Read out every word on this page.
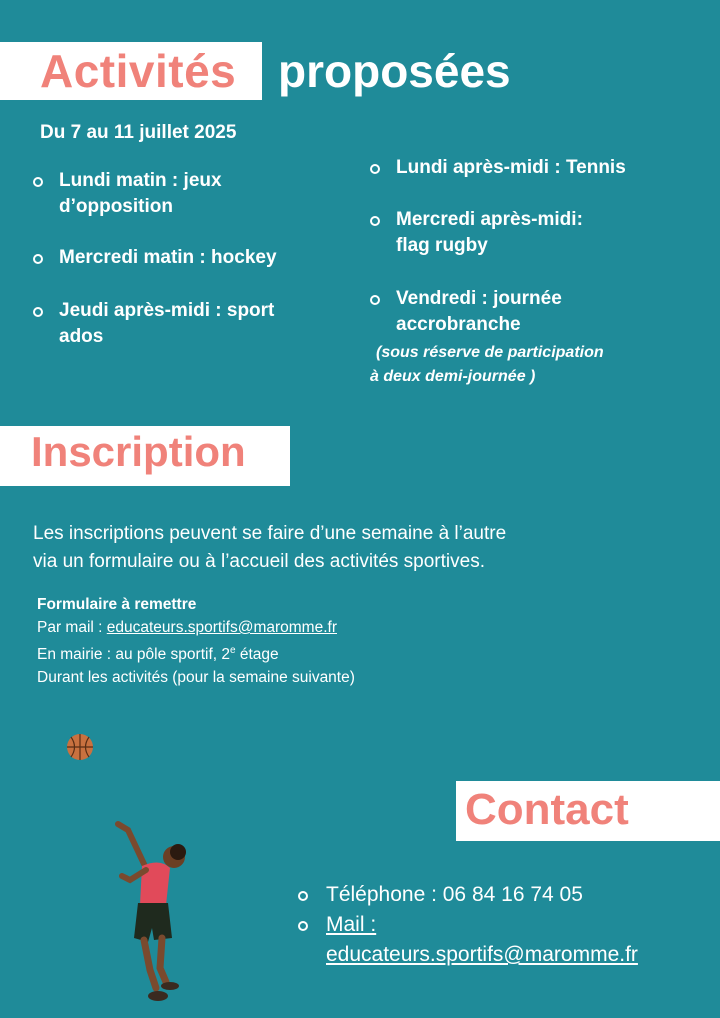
Activités proposées
Du 7 au 11 juillet 2025
Lundi matin : jeux
d’opposition
Mercredi matin : hockey
Jeudi après-midi : sport
ados
Lundi après-midi : Tennis
Mercredi après-midi:
flag rugby
Vendredi : journée
accrobranche
(sous réserve de participation
à deux demi-journée )
Inscription
Les inscriptions peuvent se faire d’une semaine à l’autre
via un formulaire ou à l’accueil des activités sportives.
Formulaire à remettre
Par mail : educateurs.sportifs@maromme.fr
En mairie : au pôle sportif, 2e étage
Durant les activités (pour la semaine suivante)
Contact
Téléphone : 06 84 16 74 05
Mail :
educateurs.sportifs@maromme.fr
